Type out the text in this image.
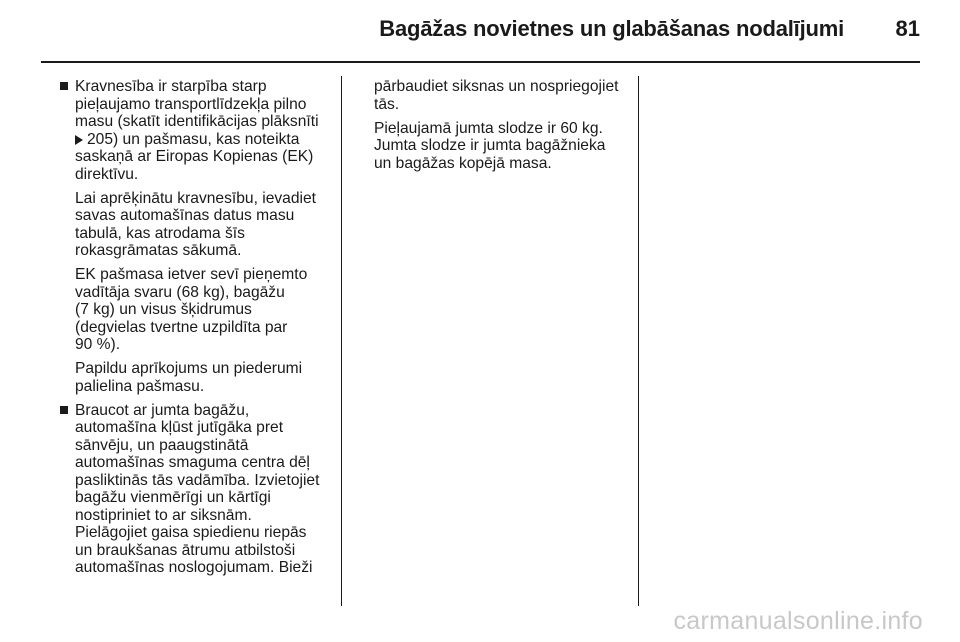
Bagāžas novietnes un glabāšanas nodalījumi 81

Kravnesība ir starpība starp
pieļaujamo transportlīdzekļa pilno
masu (skatīt identifikācijas plāksnīti
205) un pašmasu, kas noteikta
saskaņā ar Eiropas Kopienas (EK)
direktīvu.

Lai aprēķinātu kravnesību, ievadiet
savas automašīnas datus masu
tabulā, kas atrodama šīs
rokasgrāmatas sākumā.

EK pašmasa ietver sevī pieņemto
vadītāja svaru (68 kg), bagāžu
(7 kg) un visus šķidrumus
(degvielas tvertne uzpildīta par
90 %).

Papildu aprīkojums un piederumi
palielina pašmasu.

Braucot ar jumta bagāžu,
automašīna kļūst jutīgāka pret
sānvēju, un paaugstinātā
automašīnas smaguma centra dēļ
pasliktinās tās vadāmība. Izvietojiet
bagāžu vienmērīgi un kārtīgi
nostipriniet to ar siksnām.
Pielāgojiet gaisa spiedienu riepās
un braukšanas ātrumu atbilstoši
automašīnas noslogojumam. Bieži

pārbaudiet siksnas un nospriegojiet
tās.

Pieļaujamā jumta slodze ir 60 kg.
Jumta slodze ir jumta bagāžnieka
un bagāžas kopējā masa.

carmanualsonline.info
